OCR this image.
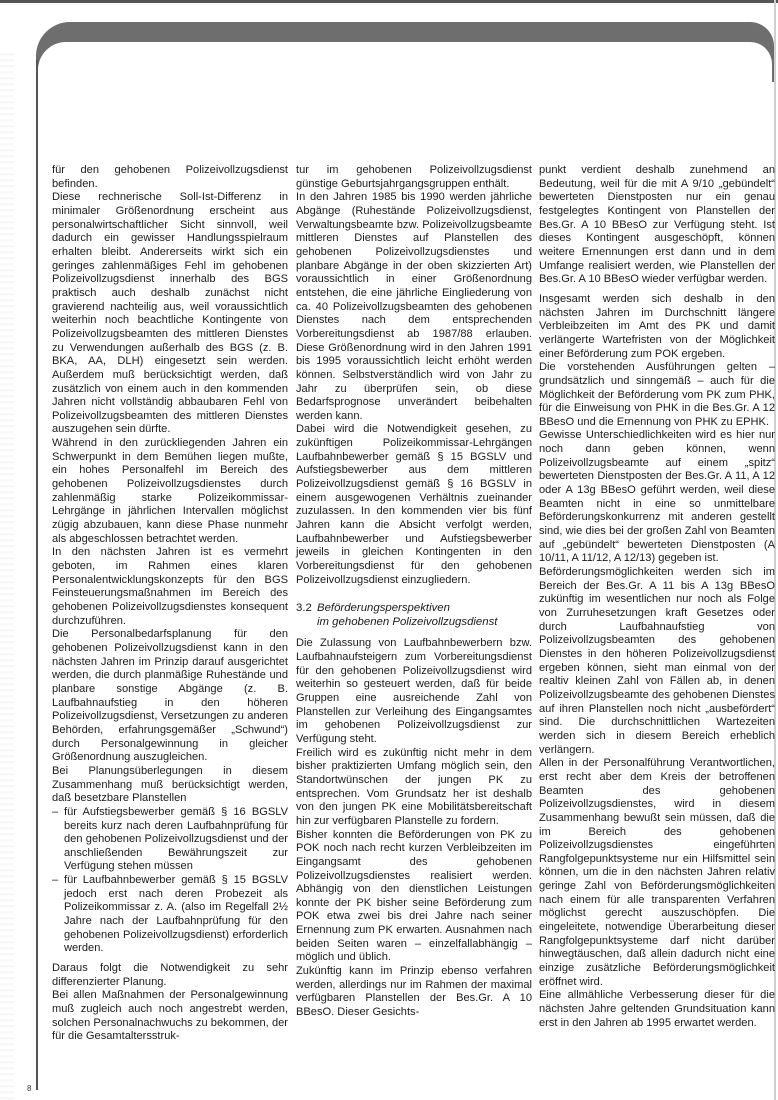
für den gehobenen Polizeivollzugsdienst befinden.

Diese rechnerische Soll-Ist-Differenz in minimaler Größenordnung erscheint aus personalwirtschaftlicher Sicht sinnvoll, weil dadurch ein gewisser Handlungsspielraum erhalten bleibt. Andererseits wirkt sich ein geringes zahlenmäßiges Fehl im gehobenen Polizeivollzugsdienst innerhalb des BGS praktisch auch deshalb zunächst nicht gravierend nachteilig aus, weil voraussichtlich weiterhin noch beachtliche Kontingente von Polizeivollzugsbeamten des mittleren Dienstes zu Verwendungen außerhalb des BGS (z. B. BKA, AA, DLH) eingesetzt sein werden. Außerdem muß berücksichtigt werden, daß zusätzlich von einem auch in den kommenden Jahren nicht vollständig abbaubaren Fehl von Polizeivollzugsbeamten des mittleren Dienstes auszugehen sein dürfte.

Während in den zurückliegenden Jahren ein Schwerpunkt in dem Bemühen liegen mußte, ein hohes Personalfehl im Bereich des gehobenen Polizeivollzugsdienstes durch zahlenmäßig starke Polizeikommissar-Lehrgänge in jährlichen Intervallen möglichst zügig abzubauen, kann diese Phase nunmehr als abgeschlossen betrachtet werden.

In den nächsten Jahren ist es vermehrt geboten, im Rahmen eines klaren Personalentwicklungskonzepts für den BGS Feinsteuerungsmaßnahmen im Bereich des gehobenen Polizeivollzugsdienstes konsequent durchzuführen.

Die Personalbedarfsplanung für den gehobenen Polizeivollzugsdienst kann in den nächsten Jahren im Prinzip darauf ausgerichtet werden, die durch planmäßige Ruhestände und planbare sonstige Abgänge (z. B. Laufbahnaufstieg in den höheren Polizeivollzugsdienst, Versetzungen zu anderen Behörden, erfahrungsgemäßer „Schwund“) durch Personalgewinnung in gleicher Größenordnung auszugleichen.

Bei Planungsüberlegungen in diesem Zusammenhang muß berücksichtigt werden, daß besetzbare Planstellen

– für Aufstiegsbewerber gemäß § 16 BGSLV bereits kurz nach deren Laufbahnprüfung für den gehobenen Polizeivollzugsdienst und der anschließenden Bewährungszeit zur Verfügung stehen müssen
– für Laufbahnbewerber gemäß § 15 BGSLV jedoch erst nach deren Probezeit als Polizeikommissar z. A. (also im Regelfall 2½ Jahre nach der Laufbahnprüfung für den gehobenen Polizeivollzugsdienst) erforderlich werden.

Daraus folgt die Notwendigkeit zu sehr differenzierter Planung.

Bei allen Maßnahmen der Personalgewinnung muß zugleich auch noch angestrebt werden, solchen Personalnachwuchs zu bekommen, der für die Gesamtaltersstruk-

tur im gehobenen Polizeivollzugsdienst günstige Geburtsjahrgangsgruppen enthält.

In den Jahren 1985 bis 1990 werden jährliche Abgänge (Ruhestände Polizeivollzugsdienst, Verwaltungsbeamte bzw. Polizeivollzugsbeamte mittleren Dienstes auf Planstellen des gehobenen Polizeivollzugsdienstes und planbare Abgänge in der oben skizzierten Art) voraussichtlich in einer Größenordnung entstehen, die eine jährliche Eingliederung von ca. 40 Polizeivollzugsbeamten des gehobenen Dienstes nach dem entsprechenden Vorbereitungsdienst ab 1987/88 erlauben. Diese Größenordnung wird in den Jahren 1991 bis 1995 voraussichtlich leicht erhöht werden können. Selbstverständlich wird von Jahr zu Jahr zu überprüfen sein, ob diese Bedarfsprognose unverändert beibehalten werden kann.

Dabei wird die Notwendigkeit gesehen, zu zukünftigen Polizeikommissar-Lehrgängen Laufbahnbewerber gemäß § 15 BGSLV und Aufstiegsbewerber aus dem mittleren Polizeivollzugsdienst gemäß § 16 BGSLV in einem ausgewogenen Verhältnis zueinander zuzulassen. In den kommenden vier bis fünf Jahren kann die Absicht verfolgt werden, Laufbahnbewerber und Aufstiegsbewerber jeweils in gleichen Kontingenten in den Vorbereitungsdienst für den gehobenen Polizeivollzugsdienst einzugliedern.

3.2 Beförderungsperspektiven
im gehobenen Polizeivollzugsdienst

Die Zulassung von Laufbahnbewerbern bzw. Laufbahnaufsteigern zum Vorbereitungsdienst für den gehobenen Polizeivollzugsdienst wird weiterhin so gesteuert werden, daß für beide Gruppen eine ausreichende Zahl von Planstellen zur Verleihung des Eingangsamtes im gehobenen Polizeivollzugsdienst zur Verfügung steht.

Freilich wird es zukünftig nicht mehr in dem bisher praktizierten Umfang möglich sein, den Standortwünschen der jungen PK zu entsprechen. Vom Grundsatz her ist deshalb von den jungen PK eine Mobilitätsbereitschaft hin zur verfügbaren Planstelle zu fordern.

Bisher konnten die Beförderungen von PK zu POK noch nach recht kurzen Verbleibzeiten im Eingangsamt des gehobenen Polizeivollzugsdienstes realisiert werden. Abhängig von den dienstlichen Leistungen konnte der PK bisher seine Beförderung zum POK etwa zwei bis drei Jahre nach seiner Ernennung zum PK erwarten. Ausnahmen nach beiden Seiten waren – einzelfallabhängig – möglich und üblich.

Zukünftig kann im Prinzip ebenso verfahren werden, allerdings nur im Rahmen der maximal verfügbaren Planstellen der Bes.Gr. A 10 BBesO. Dieser Gesichts-

punkt verdient deshalb zunehmend an Bedeutung, weil für die mit A 9/10 „gebündelt“ bewerteten Dienstposten nur ein genau festgelegtes Kontingent von Planstellen der Bes.Gr. A 10 BBesO zur Verfügung steht. Ist dieses Kontingent ausgeschöpft, können weitere Ernennungen erst dann und in dem Umfange realisiert werden, wie Planstellen der Bes.Gr. A 10 BBesO wieder verfügbar werden.

Insgesamt werden sich deshalb in den nächsten Jahren im Durchschnitt längere Verbleibzeiten im Amt des PK und damit verlängerte Wartefristen von der Möglichkeit einer Beförderung zum POK ergeben.

Die vorstehenden Ausführungen gelten – grundsätzlich und sinngemäß – auch für die Möglichkeit der Beförderung vom PK zum PHK, für die Einweisung von PHK in die Bes.Gr. A 12 BBesO und die Ernennung von PHK zu EPHK.

Gewisse Unterschiedlichkeiten wird es hier nur noch dann geben können, wenn Polizeivollzugsbeamte auf einem „spitz“ bewerteten Dienstposten der Bes.Gr. A 11, A 12 oder A 13g BBesO geführt werden, weil diese Beamten nicht in eine so unmittelbare Beförderungskonkurrenz mit anderen gestellt sind, wie dies bei der großen Zahl von Beamten auf „gebündelt“ bewerteten Dienstposten (A 10/11, A 11/12, A 12/13) gegeben ist.

Beförderungsmöglichkeiten werden sich im Bereich der Bes.Gr. A 11 bis A 13g BBesO zukünftig im wesentlichen nur noch als Folge von Zurruhesetzungen kraft Gesetzes oder durch Laufbahnaufstieg von Polizeivollzugsbeamten des gehobenen Dienstes in den höheren Polizeivollzugsdienst ergeben können, sieht man einmal von der realtiv kleinen Zahl von Fällen ab, in denen Polizeivollzugsbeamte des gehobenen Dienstes auf ihren Planstellen noch nicht „ausbefördert“ sind. Die durchschnittlichen Wartezeiten werden sich in diesem Bereich erheblich verlängern.

Allen in der Personalführung Verantwortlichen, erst recht aber dem Kreis der betroffenen Beamten des gehobenen Polizeivollzugsdienstes, wird in diesem Zusammenhang bewußt sein müssen, daß die im Bereich des gehobenen Polizeivollzugsdienstes eingeführten Rangfolgepunktsysteme nur ein Hilfsmittel sein können, um die in den nächsten Jahren relativ geringe Zahl von Beförderungsmöglichkeiten nach einem für alle transparenten Verfahren möglichst gerecht auszuschöpfen. Die eingeleitete, notwendige Überarbeitung dieser Rangfolgepunktsysteme darf nicht darüber hinwegtäuschen, daß allein dadurch nicht eine einzige zusätzliche Beförderungsmöglichkeit eröffnet wird.

Eine allmähliche Verbesserung dieser für die nächsten Jahre geltenden Grundsituation kann erst in den Jahren ab 1995 erwartet werden.

8
